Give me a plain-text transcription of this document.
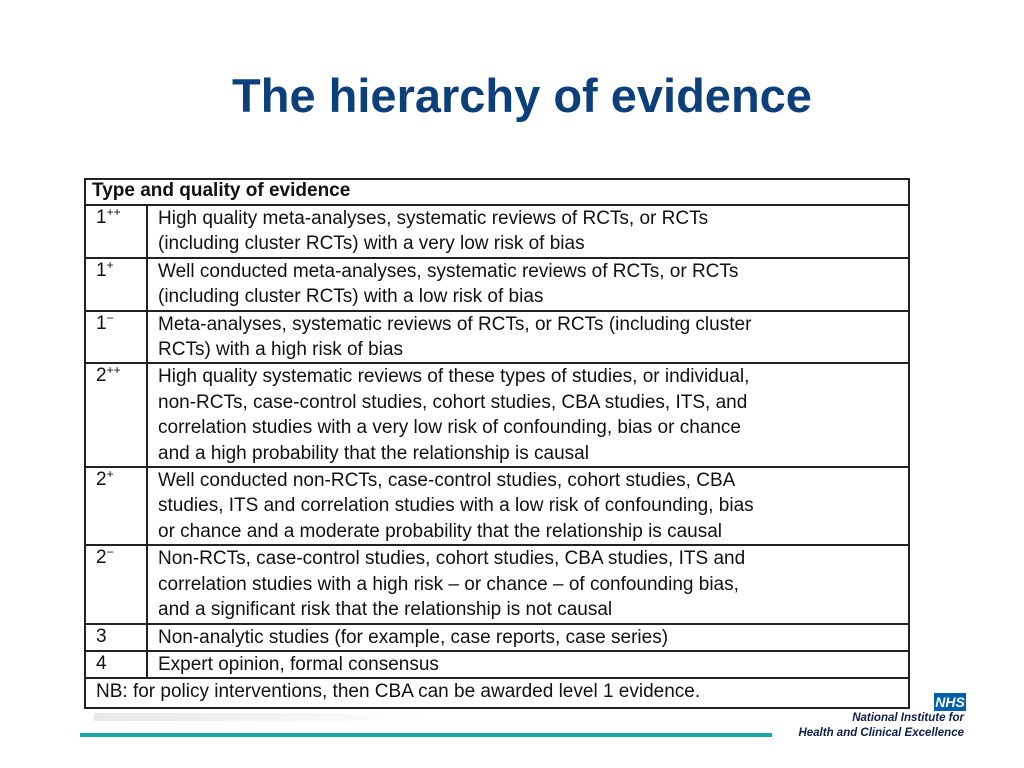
The hierarchy of evidence
Type and quality of evidence
1++	High quality meta-analyses, systematic reviews of RCTs, or RCTs
(including cluster RCTs) with a very low risk of bias
1+	Well conducted meta-analyses, systematic reviews of RCTs, or RCTs
(including cluster RCTs) with a low risk of bias
1−	Meta-analyses, systematic reviews of RCTs, or RCTs (including cluster
RCTs) with a high risk of bias
2++	High quality systematic reviews of these types of studies, or individual,
non-RCTs, case-control studies, cohort studies, CBA studies, ITS, and
correlation studies with a very low risk of confounding, bias or chance
and a high probability that the relationship is causal
2+	Well conducted non-RCTs, case-control studies, cohort studies, CBA
studies, ITS and correlation studies with a low risk of confounding, bias
or chance and a moderate probability that the relationship is causal
2−	Non-RCTs, case-control studies, cohort studies, CBA studies, ITS and
correlation studies with a high risk – or chance – of confounding bias,
and a significant risk that the relationship is not causal
3	Non-analytic studies (for example, case reports, case series)
4	Expert opinion, formal consensus
NB: for policy interventions, then CBA can be awarded level 1 evidence.	NHS
National Institute for
Health and Clinical Excellence
